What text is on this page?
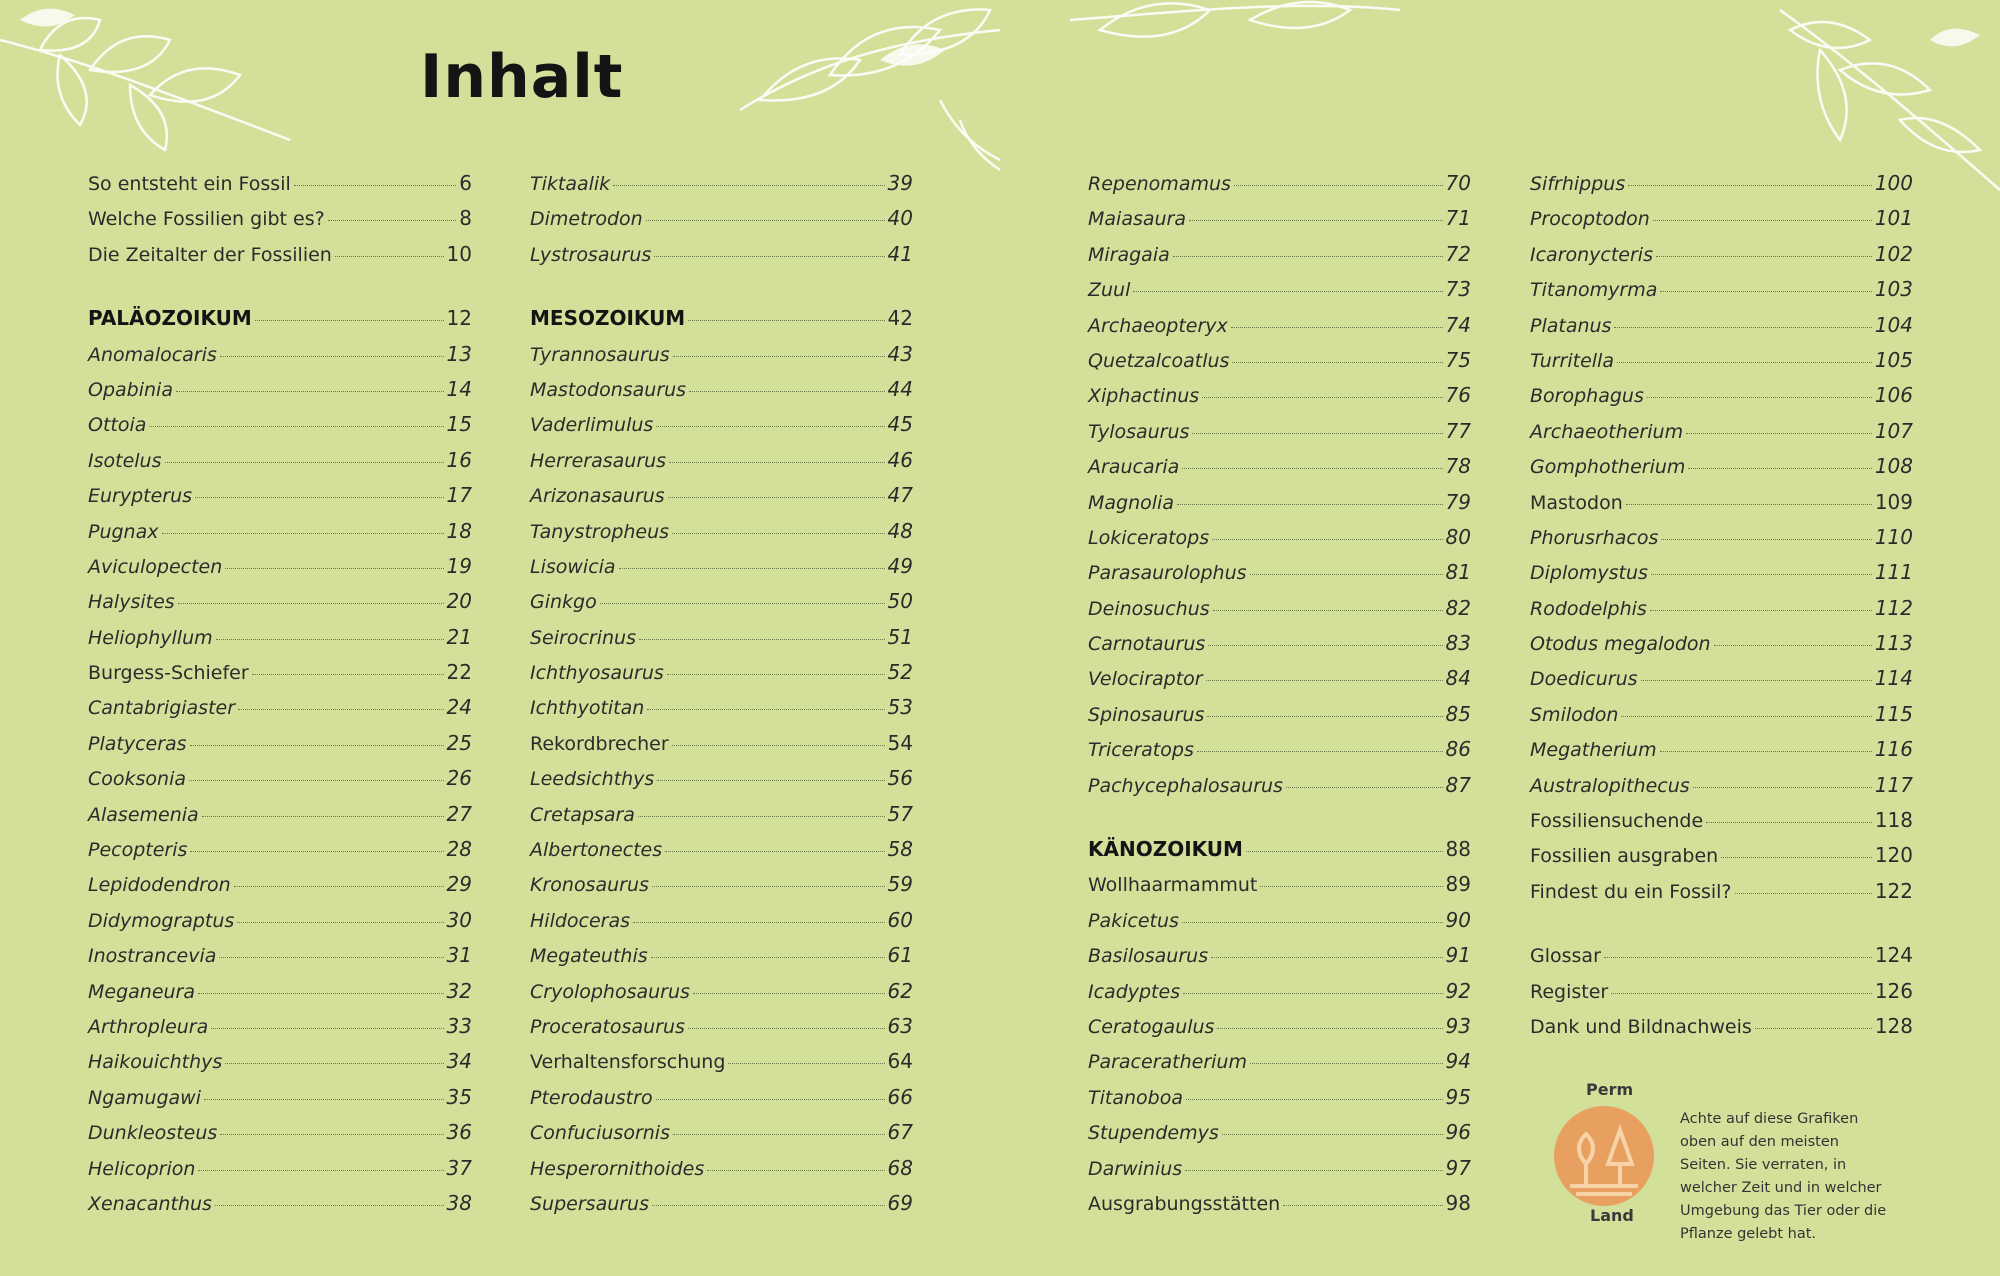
Inhalt
So entsteht ein Fossil	6
Welche Fossilien gibt es?	8
Die Zeitalter der Fossilien	10
PALÄOZOIKUM	12
Anomalocaris	13
Opabinia	14
Ottoia	15
Isotelus	16
Eurypterus	17
Pugnax	18
Aviculopecten	19
Halysites	20
Heliophyllum	21
Burgess-Schiefer	22
Cantabrigiaster	24
Platyceras	25
Cooksonia	26
Alasemenia	27
Pecopteris	28
Lepidodendron	29
Didymograptus	30
Inostrancevia	31
Meganeura	32
Arthropleura	33
Haikouichthys	34
Ngamugawi	35
Dunkleosteus	36
Helicoprion	37
Xenacanthus	38
Tiktaalik	39
Dimetrodon	40
Lystrosaurus	41
MESOZOIKUM	42
Tyrannosaurus	43
Mastodonsaurus	44
Vaderlimulus	45
Herrerasaurus	46
Arizonasaurus	47
Tanystropheus	48
Lisowicia	49
Ginkgo	50
Seirocrinus	51
Ichthyosaurus	52
Ichthyotitan	53
Rekordbrecher	54
Leedsichthys	56
Cretapsara	57
Albertonectes	58
Kronosaurus	59
Hildoceras	60
Megateuthis	61
Cryolophosaurus	62
Proceratosaurus	63
Verhaltensforschung	64
Pterodaustro	66
Confuciusornis	67
Hesperornithoides	68
Supersaurus	69
Repenomamus	70
Maiasaura	71
Miragaia	72
Zuul	73
Archaeopteryx	74
Quetzalcoatlus	75
Xiphactinus	76
Tylosaurus	77
Araucaria	78
Magnolia	79
Lokiceratops	80
Parasaurolophus	81
Deinosuchus	82
Carnotaurus	83
Velociraptor	84
Spinosaurus	85
Triceratops	86
Pachycephalosaurus	87
KÄNOZOIKUM	88
Wollhaarmammut	89
Pakicetus	90
Basilosaurus	91
Icadyptes	92
Ceratogaulus	93
Paraceratherium	94
Titanoboa	95
Stupendemys	96
Darwinius	97
Ausgrabungsstätten	98
Sifrhippus	100
Procoptodon	101
Icaronycteris	102
Titanomyrma	103
Platanus	104
Turritella	105
Borophagus	106
Archaeotherium	107
Gomphotherium	108
Mastodon	109
Phorusrhacos	110
Diplomystus	111
Rododelphis	112
Otodus megalodon	113
Doedicurus	114
Smilodon	115
Megatherium	116
Australopithecus	117
Fossiliensuchende	118
Fossilien ausgraben	120
Findest du ein Fossil?	122
Glossar	124
Register	126
Dank und Bildnachweis	128
Perm
Land
Achte auf diese Grafiken oben auf den meisten Seiten. Sie verraten, in welcher Zeit und in welcher Umgebung das Tier oder die Pflanze gelebt hat.
